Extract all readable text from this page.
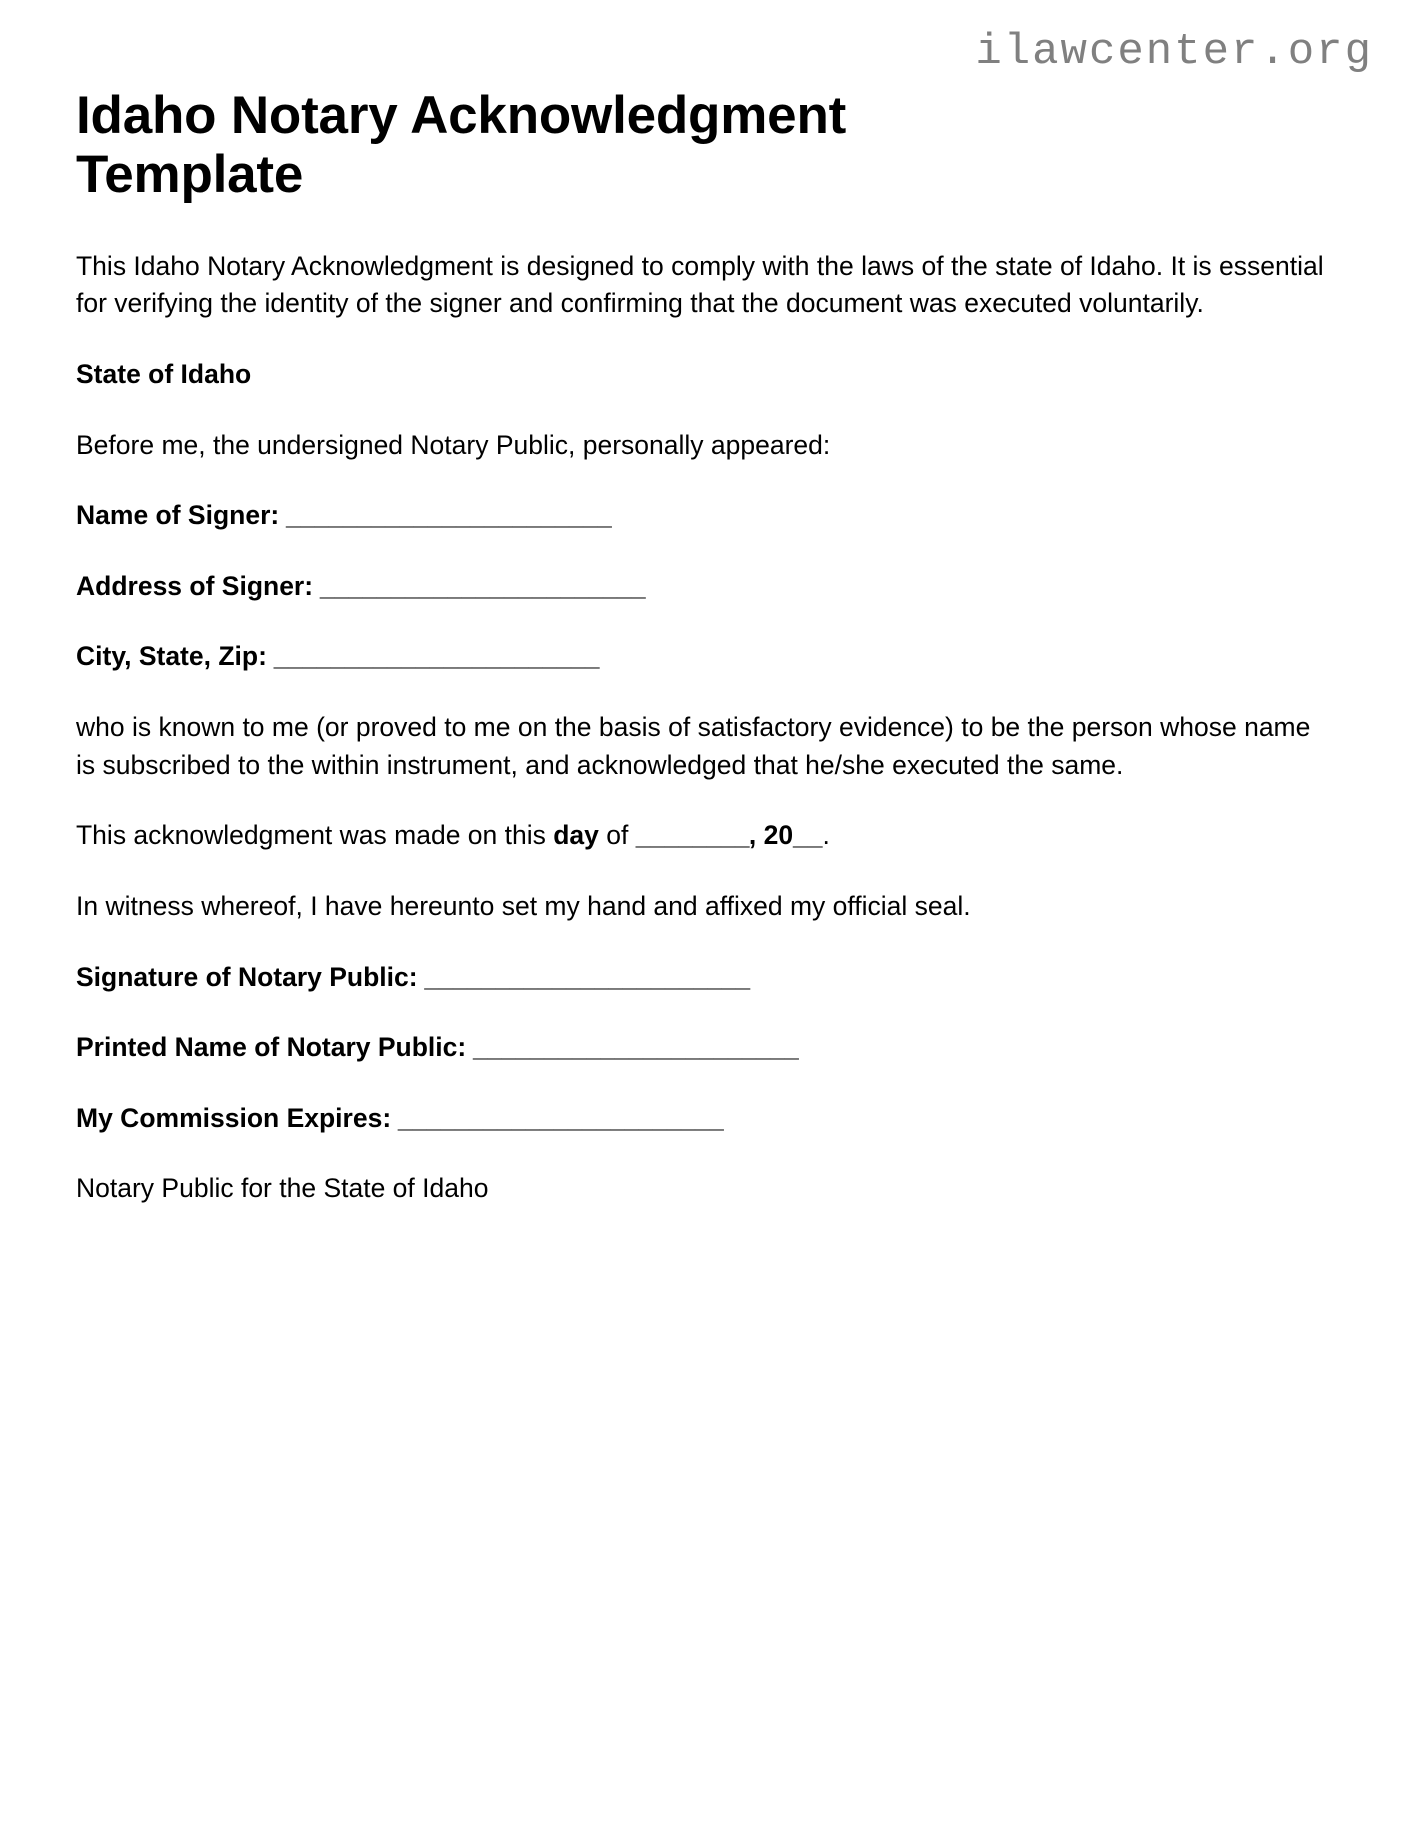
ilawcenter.org
Idaho Notary Acknowledgment Template

This Idaho Notary Acknowledgment is designed to comply with the laws of the state of Idaho. It is essential for verifying the identity of the signer and confirming that the document was executed voluntarily.

State of Idaho

Before me, the undersigned Notary Public, personally appeared:

Name of Signer: _______________________

Address of Signer: _______________________

City, State, Zip: _______________________

who is known to me (or proved to me on the basis of satisfactory evidence) to be the person whose name is subscribed to the within instrument, and acknowledged that he/she executed the same.

This acknowledgment was made on this day of ________, 20__.

In witness whereof, I have hereunto set my hand and affixed my official seal.

Signature of Notary Public: _______________________

Printed Name of Notary Public: _______________________

My Commission Expires: _______________________

Notary Public for the State of Idaho
